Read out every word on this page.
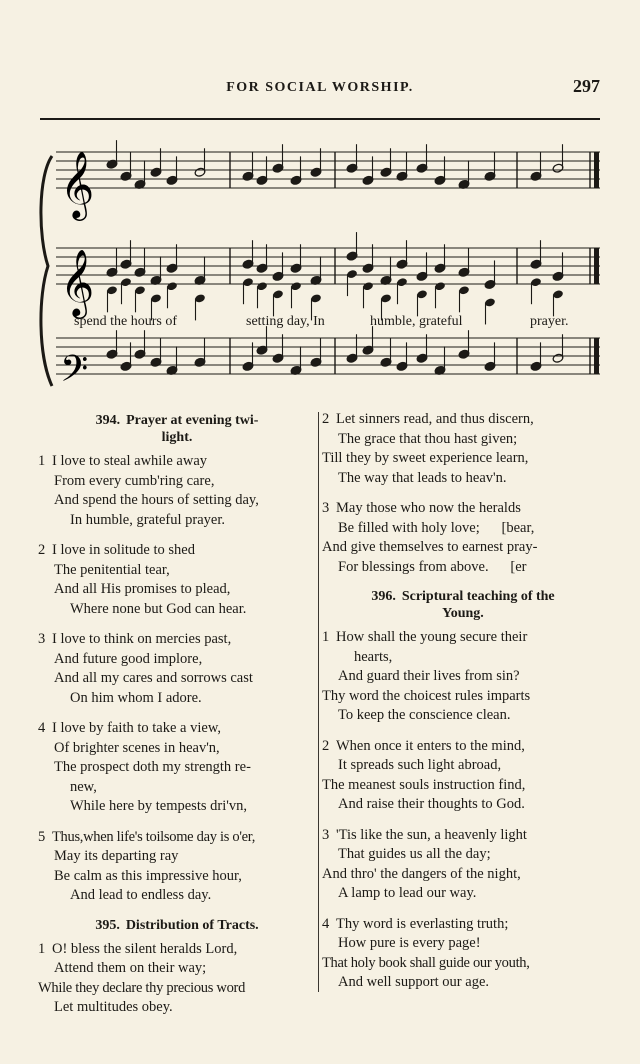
FOR SOCIAL WORSHIP.	297
𝄞
𝄞
𝄢
spend the hours of	setting day, In	humble, grateful	prayer.
394. Prayer at evening twi-
light.
1 I love to steal awhile away
From every cumb'ring care,
And spend the hours of setting day,
In humble, grateful prayer.
2 I love in solitude to shed
The penitential tear,
And all His promises to plead,
Where none but God can hear.
3 I love to think on mercies past,
And future good implore,
And all my cares and sorrows cast
On him whom I adore.
4 I love by faith to take a view,
Of brighter scenes in heav'n,
The prospect doth my strength re-
new,
While here by tempests dri'vn,
5 Thus,when life's toilsome day is o'er,
May its departing ray
Be calm as this impressive hour,
And lead to endless day.
395. Distribution of Tracts.
1 O! bless the silent heralds Lord,
Attend them on their way;
While they declare thy precious word
Let multitudes obey.
2 Let sinners read, and thus discern,
The grace that thou hast given;
Till they by sweet experience learn,
The way that leads to heav'n.
3 May those who now the heralds
Be filled with holy love;      [bear,
And give themselves to earnest pray-
For blessings from above.      [er
396. Scriptural teaching of the
Young.
1 How shall the young secure their
hearts,
And guard their lives from sin?
Thy word the choicest rules imparts
To keep the conscience clean.
2 When once it enters to the mind,
It spreads such light abroad,
The meanest souls instruction find,
And raise their thoughts to God.
3 'Tis like the sun, a heavenly light
That guides us all the day;
And thro' the dangers of the night,
A lamp to lead our way.
4 Thy word is everlasting truth;
How pure is every page!
That holy book shall guide our youth,
And well support our age.
